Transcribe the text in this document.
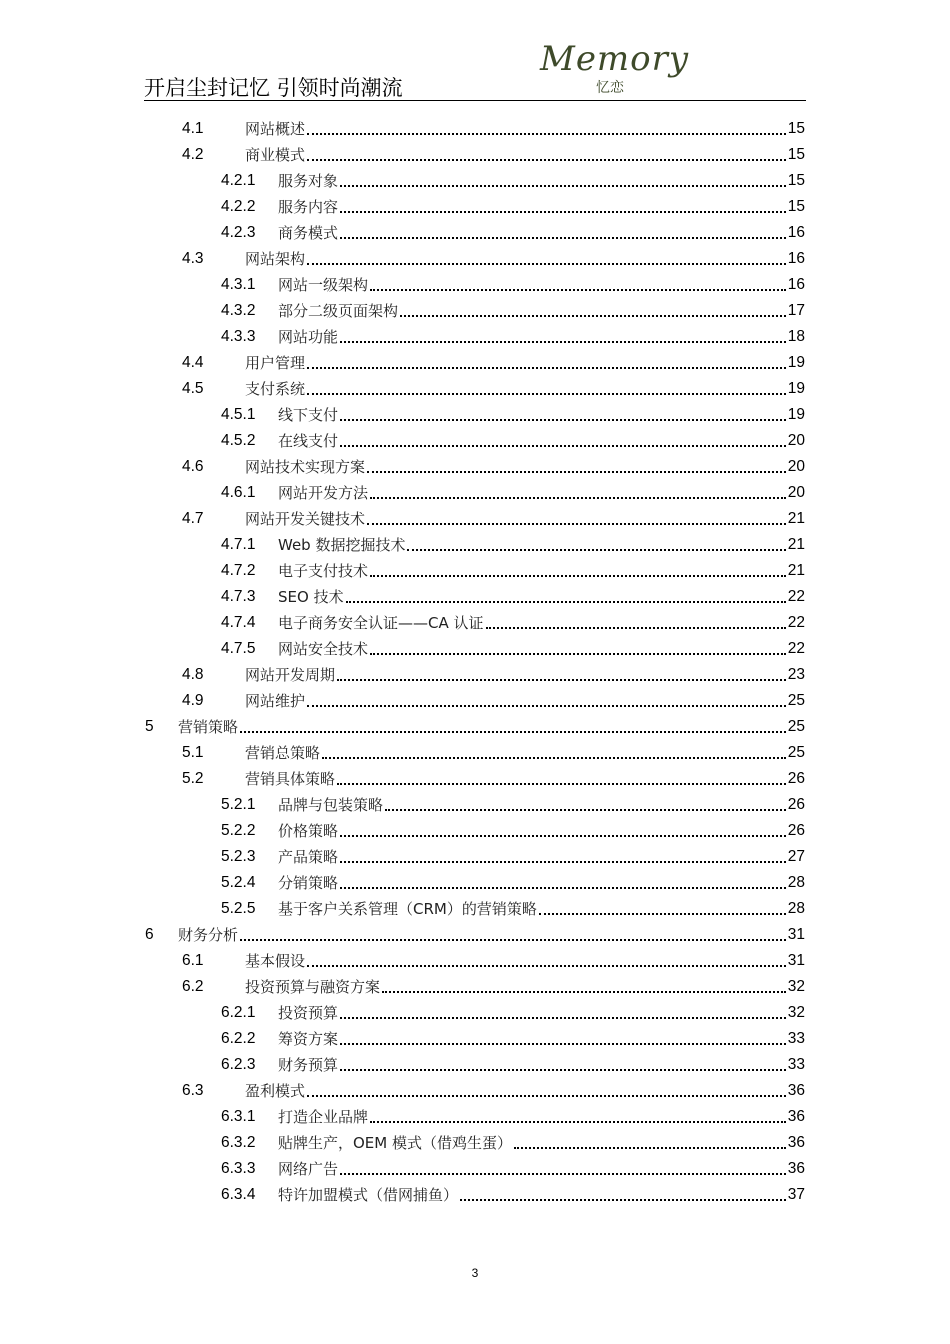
开启尘封记忆 引领时尚潮流
Memory
忆恋
4.1	网站概述	15
4.2	商业模式	15
4.2.1	服务对象	15
4.2.2	服务内容	15
4.2.3	商务模式	16
4.3	网站架构	16
4.3.1	网站一级架构	16
4.3.2	部分二级页面架构	17
4.3.3	网站功能	18
4.4	用户管理	19
4.5	支付系统	19
4.5.1	线下支付	19
4.5.2	在线支付	20
4.6	网站技术实现方案	20
4.6.1	网站开发方法	20
4.7	网站开发关键技术	21
4.7.1	Web 数据挖掘技术	21
4.7.2	电子支付技术	21
4.7.3	SEO 技术	22
4.7.4	电子商务安全认证——CA 认证	22
4.7.5	网站安全技术	22
4.8	网站开发周期	23
4.9	网站维护	25
5	营销策略	25
5.1	营销总策略	25
5.2	营销具体策略	26
5.2.1	品牌与包装策略	26
5.2.2	价格策略	26
5.2.3	产品策略	27
5.2.4	分销策略	28
5.2.5	基于客户关系管理（CRM）的营销策略	28
6	财务分析	31
6.1	基本假设	31
6.2	投资预算与融资方案	32
6.2.1	投资预算	32
6.2.2	筹资方案	33
6.2.3	财务预算	33
6.3	盈利模式	36
6.3.1	打造企业品牌	36
6.3.2	贴牌生产，OEM 模式（借鸡生蛋）	36
6.3.3	网络广告	36
6.3.4	特许加盟模式（借网捕鱼）	37
3
